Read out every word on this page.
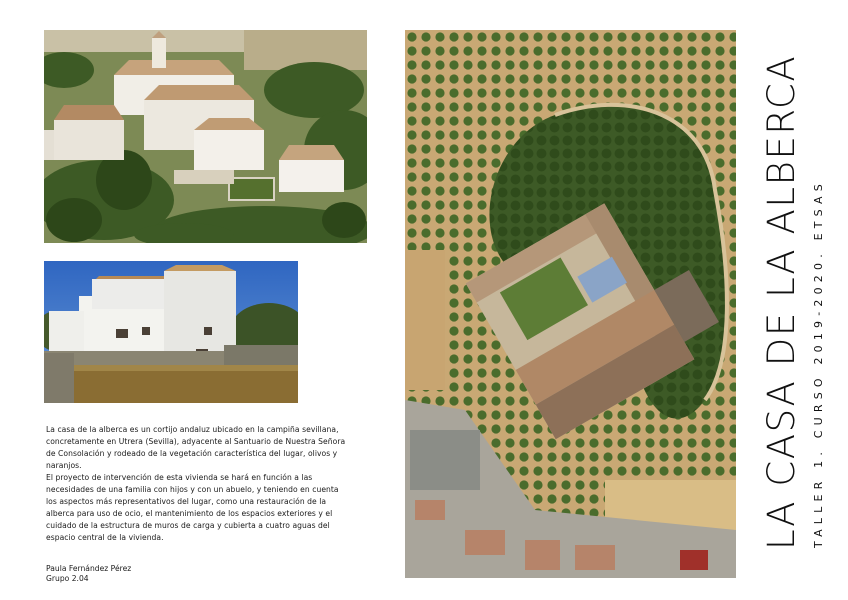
La casa de la alberca es un cortijo andaluz ubicado en la campiña sevillana, concretamente en Utrera (Sevilla), adyacente al Santuario de Nuestra Señora de Consolación y rodeado de la vegetación característica del lugar, olivos y naranjos.

El proyecto de intervención de esta vivienda se hará en función a las necesidades de una familia con hijos y con un abuelo, y teniendo en cuenta los aspectos más representativos del lugar, como una restauración de la alberca para uso de ocio, el mantenimiento de los espacios exteriores y el cuidado de la estructura de muros de carga y cubierta a cuatro aguas del espacio central de la vivienda.

Paula Fernández Pérez
Grupo 2.04
LA CASA DE LA ALBERCA TALLER 1. CURSO 2019-2020. ETSAS
